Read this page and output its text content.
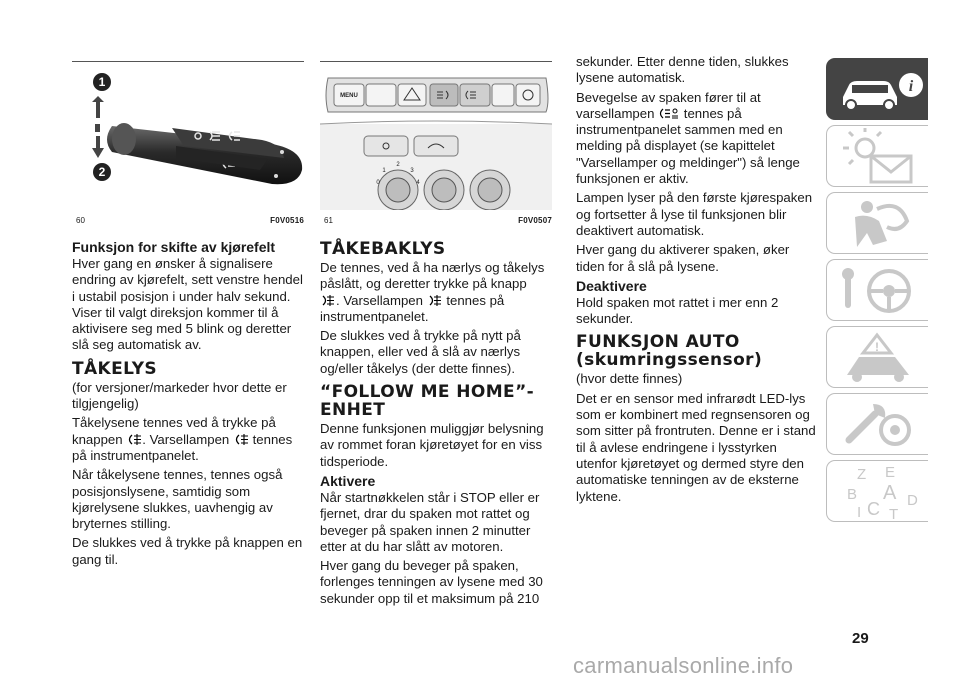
1
2
60	F0V0516
MENU
0
1
2
3
4
61	F0V0507
Funksjon for skifte av kjørefelt

Hver gang en ønsker å signalisere endring av kjørefelt, sett venstre hendel i ustabil posisjon i under halv sekund. Viser til valgt direksjon kommer til å aktivisere seg med 5 blink og deretter slå seg automatisk av.

TÅKELYS

(for versjoner/markeder hvor dette er tilgjengelig)

Tåkelysene tennes ved å trykke på knappen . Varsellampen tennes på instrumentpanelet.

Når tåkelysene tennes, tennes også posisjonslysene, samtidig som kjørelysene slukkes, uavhengig av bryternes stilling.

De slukkes ved å trykke på knappen en gang til.

TÅKEBAKLYS

De tennes, ved å ha nærlys og tåkelys påslått, og deretter trykke på knapp
. Varsellampen tennes på instrumentpanelet.

De slukkes ved å trykke på nytt på knappen, eller ved å slå av nærlys og/eller tåkelys (der dette finnes).

“FOLLOW ME HOME”-ENHET

Denne funksjonen muliggjør belysning av rommet foran kjøretøyet for en viss tidsperiode.

Aktivere

Når startnøkkelen står i STOP eller er fjernet, drar du spaken mot rattet og beveger på spaken innen 2 minutter etter at du har slått av motoren.

Hver gang du beveger på spaken, forlenges tenningen av lysene med 30 sekunder opp til et maksimum på 210

sekunder. Etter denne tiden, slukkes lysene automatisk.

Bevegelse av spaken fører til at varsellampen tennes på instrumentpanelet sammen med en melding på displayet (se kapittelet "Varsellamper og meldinger") så lenge funksjonen er aktiv.

Lampen lyser på den første kjørespaken og fortsetter å lyse til funksjonen blir deaktivert automatisk.

Hver gang du aktiverer spaken, øker tiden for å slå på lysene.

Deaktivere

Hold spaken mot rattet i mer enn 2 sekunder.

FUNKSJON AUTO (skumringssensor)

(hvor dette finnes)

Det er en sensor med infrarødt LED-lys som er kombinert med regnsensoren og som sitter på frontruten. Denne er i stand til å avlese endringene i lysstyrken utenfor kjøretøyet og dermed styre den automatiske tenningen av de eksterne lyktene.

i
!
Z E
B A
I C T
D
29
carmanualsonline.info
